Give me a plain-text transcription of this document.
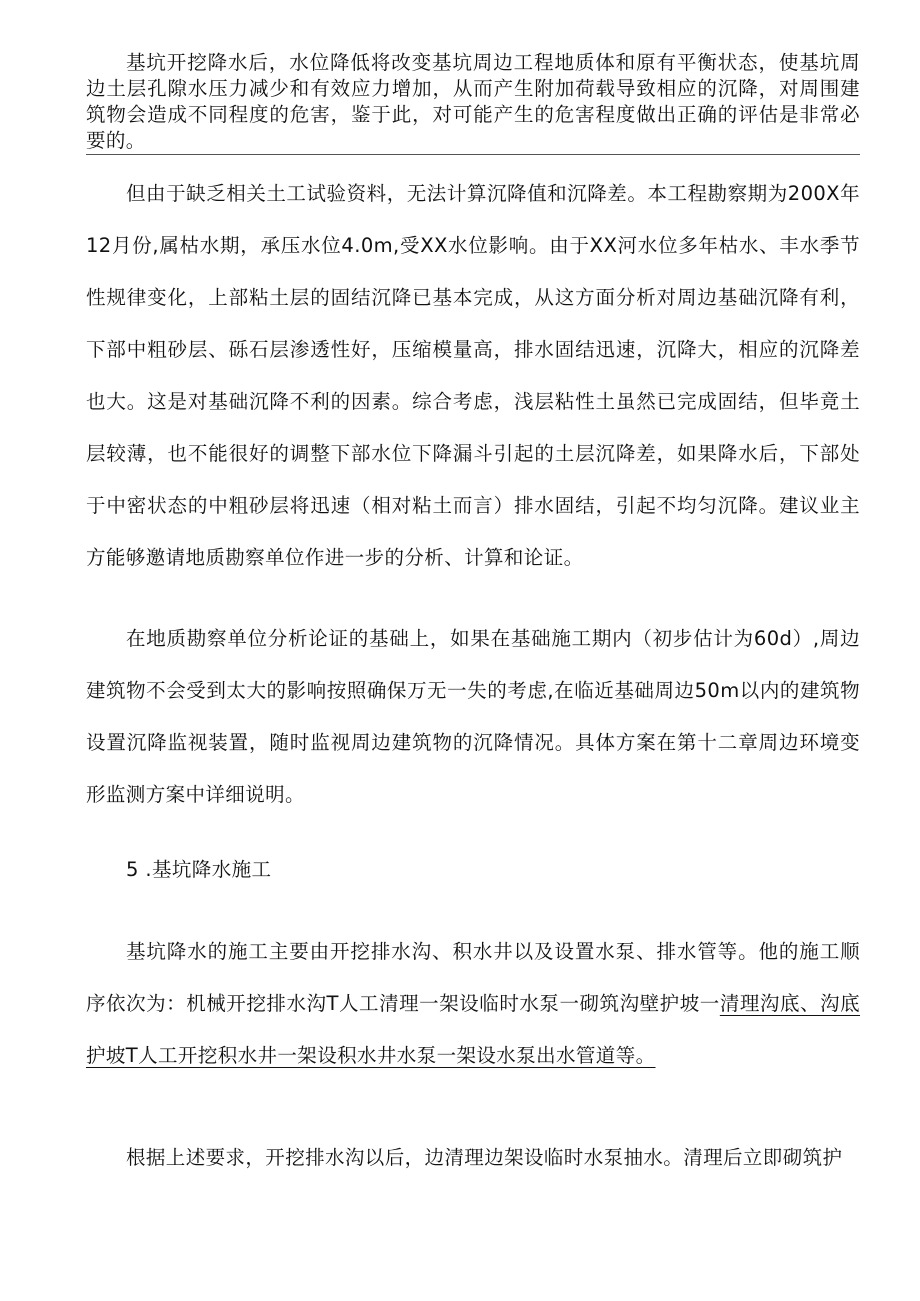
基坑开挖降水后，水位降低将改变基坑周边工程地质体和原有平衡状态，使基坑周边土层孔隙水压力减少和有效应力增加，从而产生附加荷载导致相应的沉降，对周围建筑物会造成不同程度的危害，鉴于此，对可能产生的危害程度做出正确的评估是非常必要的。

但由于缺乏相关土工试验资料，无法计算沉降值和沉降差。本工程勘察期为200X年12月份,属枯水期，承压水位4.0m,受XX水位影响。由于XX河水位多年枯水、丰水季节性规律变化，上部粘土层的固结沉降已基本完成，从这方面分析对周边基础沉降有利，下部中粗砂层、砾石层渗透性好，压缩模量高，排水固结迅速，沉降大，相应的沉降差也大。这是对基础沉降不利的因素。综合考虑，浅层粘性土虽然已完成固结，但毕竟土层较薄，也不能很好的调整下部水位下降漏斗引起的土层沉降差，如果降水后，下部处于中密状态的中粗砂层将迅速（相对粘土而言）排水固结，引起不均匀沉降。建议业主方能够邀请地质勘察单位作进一步的分析、计算和论证。

在地质勘察单位分析论证的基础上，如果在基础施工期内（初步估计为60d）,周边建筑物不会受到太大的影响按照确保万无一失的考虑,在临近基础周边50m以内的建筑物设置沉降监视装置，随时监视周边建筑物的沉降情况。具体方案在第十二章周边环境变形监测方案中详细说明。

5 .基坑降水施工

基坑降水的施工主要由开挖排水沟、积水井以及设置水泵、排水管等。他的施工顺序依次为：机械开挖排水沟T人工清理一架设临时水泵一砌筑沟壁护坡一清理沟底、沟底护坡T人工开挖积水井一架设积水井水泵一架设水泵出水管道等。

根据上述要求，开挖排水沟以后，边清理边架设临时水泵抽水。清理后立即砌筑护
